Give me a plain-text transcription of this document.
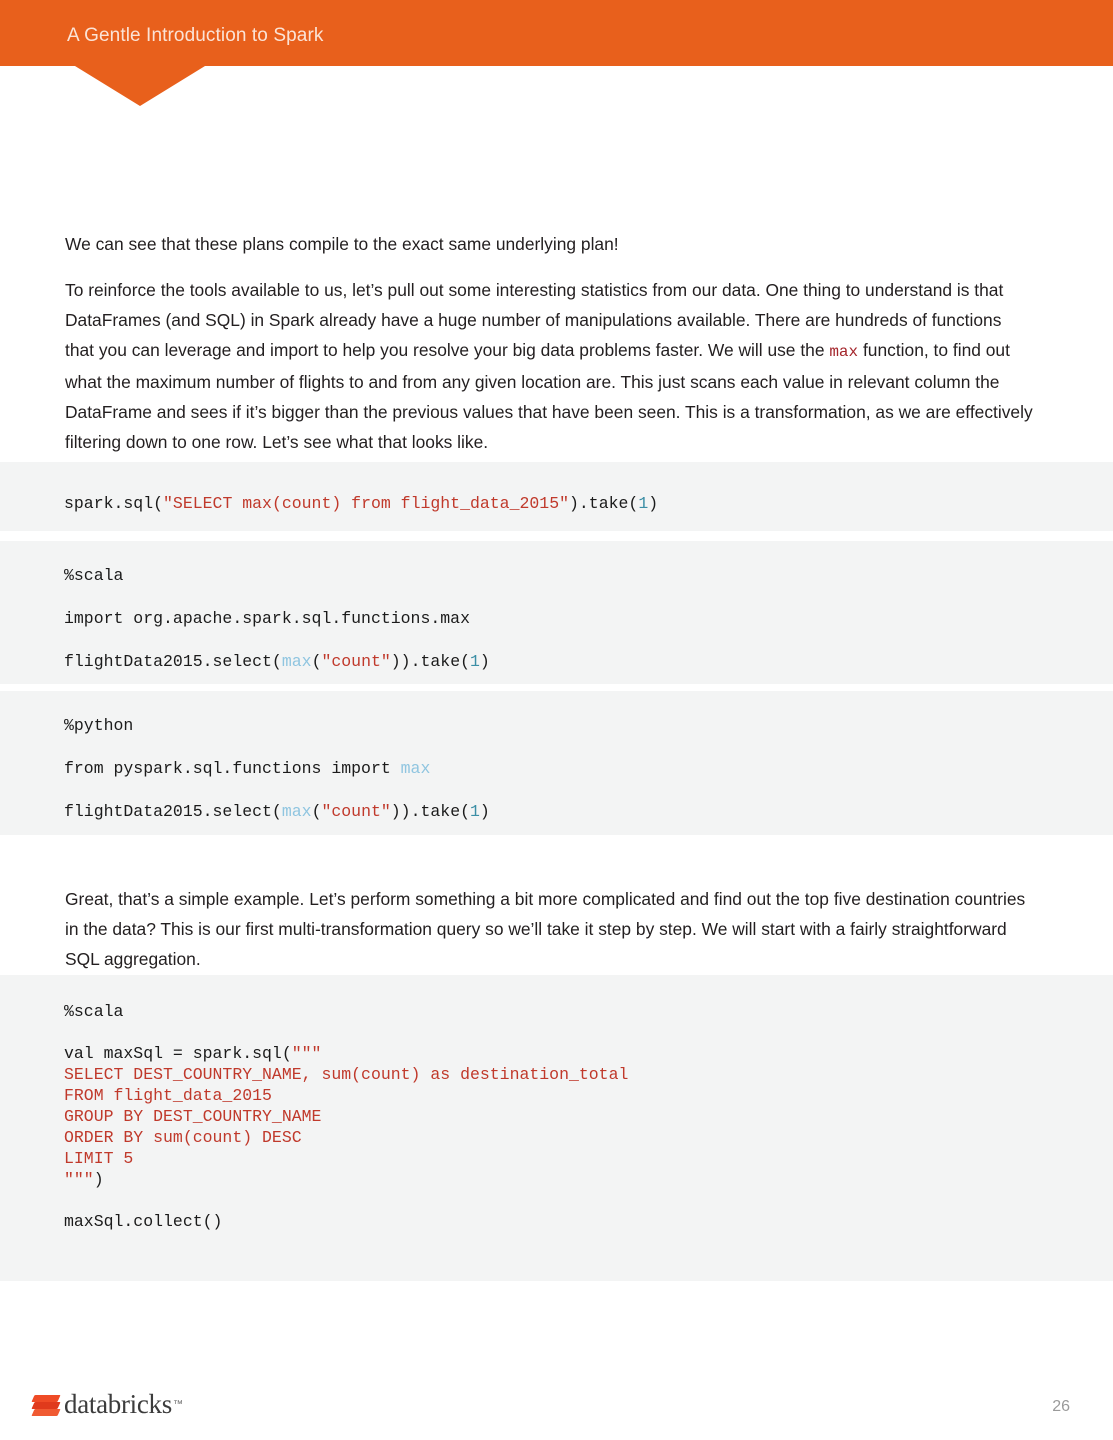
A Gentle Introduction to Spark

We can see that these plans compile to the exact same underlying plan!

To reinforce the tools available to us, let’s pull out some interesting statistics from our data. One thing to understand is that DataFrames (and SQL) in Spark already have a huge number of manipulations available. There are hundreds of functions that you can leverage and import to help you resolve your big data problems faster. We will use the max function, to find out what the maximum number of flights to and from any given location are. This just scans each value in relevant column the DataFrame and sees if it’s bigger than the previous values that have been seen. This is a transformation, as we are effectively filtering down to one row. Let’s see what that looks like.

spark.sql("SELECT max(count) from flight_data_2015").take(1)
%scala
import org.apache.spark.sql.functions.max
flightData2015.select(max("count")).take(1)
%python
from pyspark.sql.functions import max
flightData2015.select(max("count")).take(1)

Great, that’s a simple example. Let’s perform something a bit more complicated and find out the top five destination countries in the data? This is our first multi-transformation query so we’ll take it step by step. We will start with a fairly straightforward SQL aggregation.

%scala

val maxSql = spark.sql("""
SELECT DEST_COUNTRY_NAME, sum(count) as destination_total
FROM flight_data_2015
GROUP BY DEST_COUNTRY_NAME
ORDER BY sum(count) DESC
LIMIT 5
""")

maxSql.collect()
databricks ™	26
